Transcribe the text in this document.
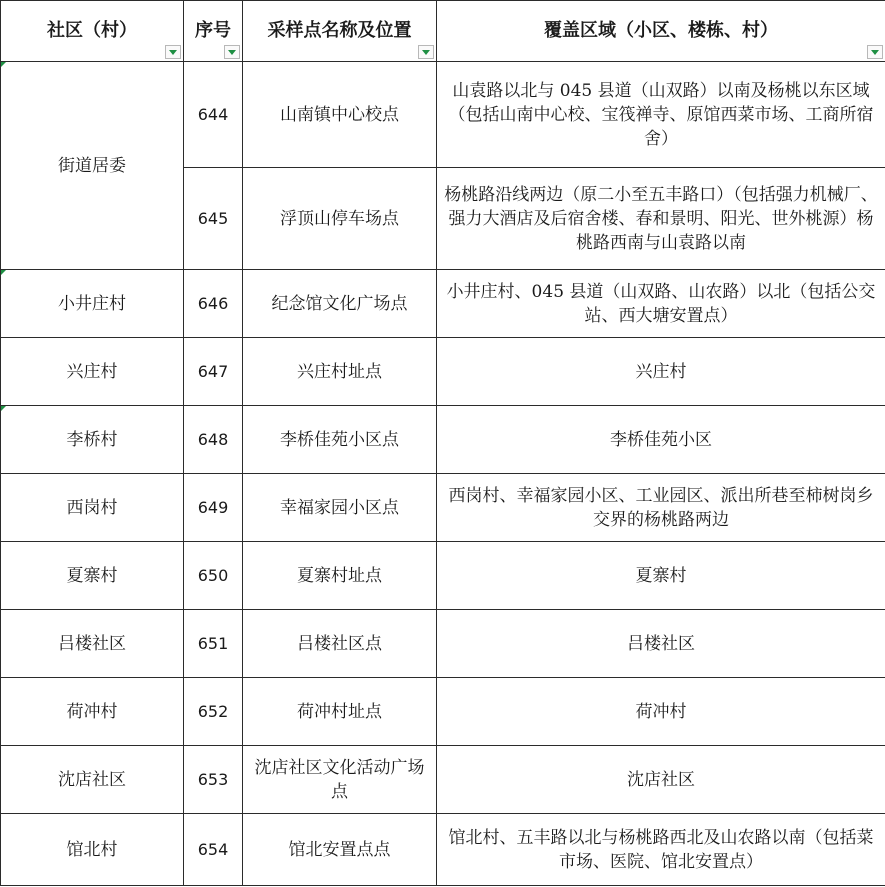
社区（村）	序号	采样点名称及位置	覆盖区域（小区、楼栋、村）

街道居委	644	山南镇中心校点	山袁路以北与 045 县道（山双路）以南及杨桃以东区域（包括山南中心校、宝筏禅寺、原馆西菜市场、工商所宿舍）
	645	浮顶山停车场点	杨桃路沿线两边（原二小至五丰路口）（包括强力机械厂、强力大酒店及后宿舍楼、春和景明、阳光、世外桃源）杨桃路西南与山袁路以南
小井庄村	646	纪念馆文化广场点	小井庄村、045 县道（山双路、山农路）以北（包括公交站、西大塘安置点）
兴庄村	647	兴庄村址点	兴庄村
李桥村	648	李桥佳苑小区点	李桥佳苑小区
西岗村	649	幸福家园小区点	西岗村、幸福家园小区、工业园区、派出所巷至柿树岗乡交界的杨桃路两边
夏寨村	650	夏寨村址点	夏寨村
吕楼社区	651	吕楼社区点	吕楼社区
荷冲村	652	荷冲村址点	荷冲村
沈店社区	653	沈店社区文化活动广场点	沈店社区
馆北村	654	馆北安置点点	馆北村、五丰路以北与杨桃路西北及山农路以南（包括菜市场、医院、馆北安置点）
